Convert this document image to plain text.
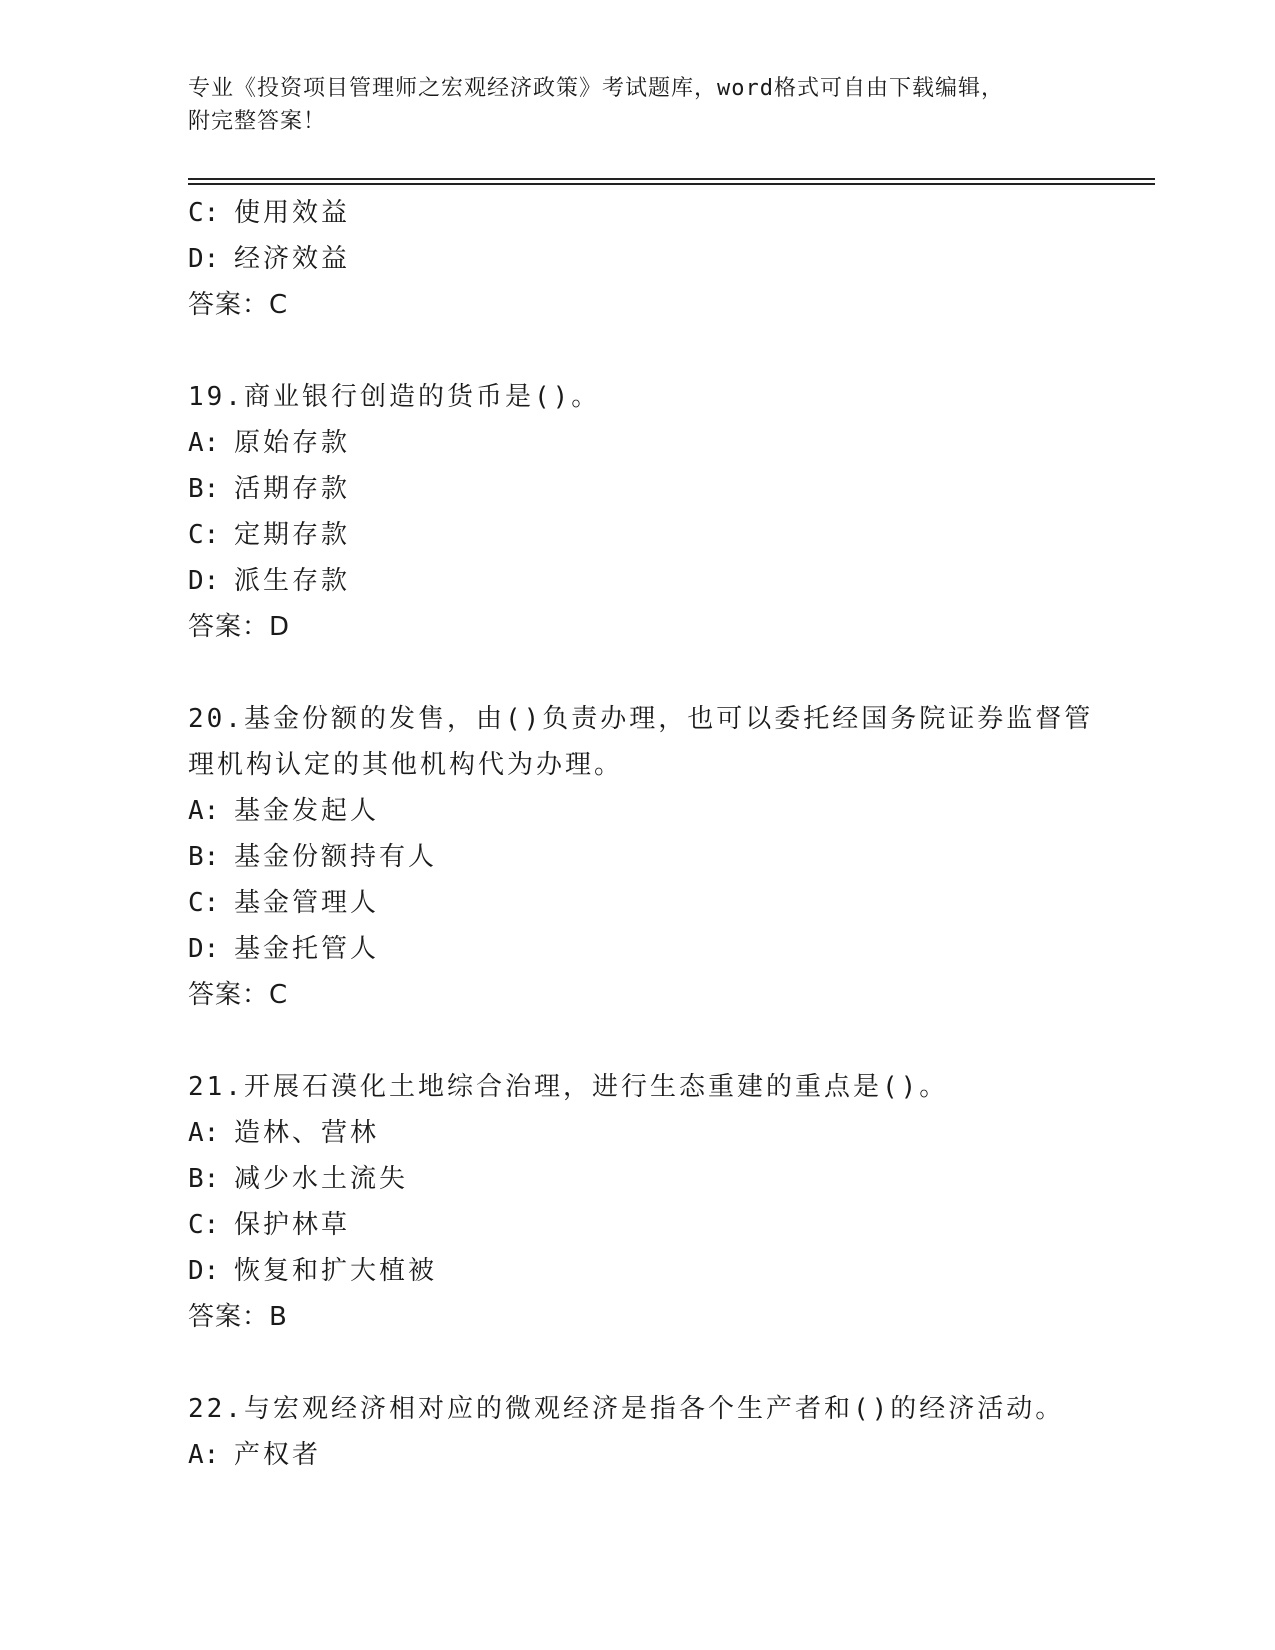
专业《投资项目管理师之宏观经济政策》考试题库，word格式可自由下载编辑，
附完整答案！
C: 使用效益
D: 经济效益
答案：C
19.商业银行创造的货币是()。
A: 原始存款
B: 活期存款
C: 定期存款
D: 派生存款
答案：D
20.基金份额的发售，由()负责办理，也可以委托经国务院证券监督管
理机构认定的其他机构代为办理。
A: 基金发起人
B: 基金份额持有人
C: 基金管理人
D: 基金托管人
答案：C
21.开展石漠化土地综合治理，进行生态重建的重点是()。
A: 造林、营林
B: 减少水土流失
C: 保护林草
D: 恢复和扩大植被
答案：B
22.与宏观经济相对应的微观经济是指各个生产者和()的经济活动。
A: 产权者
